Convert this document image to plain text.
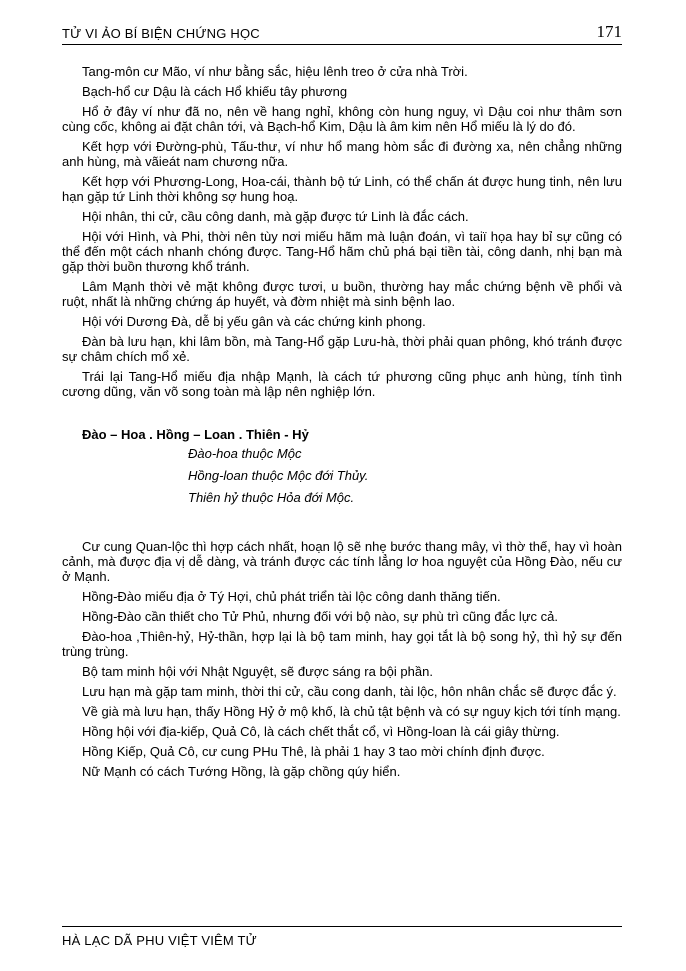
TỬ VI ẢO BÍ BIỆN CHỨNG HỌC	171

Tang-môn cư Mão, ví như bằng sắc, hiệu lênh treo ở cửa nhà Trời.

Bạch-hổ cư Dậu là cách Hổ khiếu tây phương

Hổ ở đây ví như đã no, nên về hang nghỉ, không còn hung nguy, vì Dậu coi như thâm sơn cùng cốc, không ai đặt chân tới, và Bạch-hổ Kim, Dậu là âm kim nên Hổ miếu là lý do đó.

Kết hợp với Đường-phù, Tấu-thư, ví như hổ mang hòm sắc đi đường xa, nên chẳng những anh hùng, mà vãieát nam chương nữa.

Kết hợp với Phương-Long, Hoa-cái, thành bộ tứ Linh, có thể chấn át được hung tinh, nên lưu hạn gặp tứ Linh thời không sợ hung hoạ.

Hội nhân, thi cử, cầu công danh, mà gặp được tứ Linh là đắc cách.

Hội với Hình, và Phi, thời nên tùy nơi miếu hãm mà luận đoán, vì taiï họa hay bỉ sự cũng có thể đến một cách nhanh chóng được. Tang-Hổ hãm chủ phá bại tiền tài, công danh, nhị bạn mà gặp thời buồn thương khổ tránh.

Lâm Mạnh thời vẻ mặt không được tươi, u buồn, thường hay mắc chứng bệnh về phổi và ruột, nhất là những chứng áp huyết, và đờm nhiệt mà sinh bệnh lao.

Hội với Dương Đà, dễ bị yếu gân và các chứng kinh phong.

Đàn bà lưu hạn, khi lâm bồn, mà Tang-Hổ gặp Lưu-hà, thời phải quan phông, khó tránh được sự châm chích mổ xẻ.

Trái lại Tang-Hổ miếu địa nhập Mạnh, là cách tứ phương cũng phục anh hùng, tính tình cương dũng, văn võ song toàn mà lập nên nghiệp lớn.

Đào – Hoa . Hồng – Loan . Thiên - Hỷ
Đào-hoa thuộc Mộc
Hồng-loan thuộc Mộc đới Thủy.
Thiên hỷ thuộc Hỏa đới Mộc.

Cư cung Quan-lộc thì hợp cách nhất, hoạn lộ sẽ nhẹ bước thang mây, vì thờ thế, hay vì hoàn cảnh, mà được địa vị dễ dàng, và tránh được các tính lẳng lơ hoa nguyệt của Hồng Đào, nếu cư ở Mạnh.

Hồng-Đào miếu địa ở Tý Hợi, chủ phát triển tài lộc công danh thăng tiến.

Hồng-Đào cần thiết cho Tử Phủ, nhưng đối với bộ nào, sự phù trì cũng đắc lực cả.

Đào-hoa ,Thiên-hỷ, Hỷ-thần, hợp lại là bộ tam minh, hay gọi tắt là bộ song hỷ, thì hỷ sự đến trùng trùng.

Bộ tam minh hội với Nhật Nguyệt, sẽ được sáng ra bội phần.

Lưu hạn mà gặp tam minh, thời thi cử, cầu cong danh, tài lộc, hôn nhân chắc sẽ được đắc ý.

Về già mà lưu hạn, thấy Hồng Hỷ ở mộ khố, là chủ tật bệnh và có sự nguy kịch tới tính mạng.

Hồng hội với địa-kiếp, Quả Cô, là cách chết thắt cổ, vì Hồng-loan là cái giây thừng.

Hồng Kiếp, Quả Cô, cư cung PHu Thê, là phải 1 hay 3 tao mời chính định được.

Nữ Mạnh có cách Tướng Hồng, là gặp chồng qúy hiển.

HÀ LẠC DÃ PHU VIỆT VIÊM TỬ
